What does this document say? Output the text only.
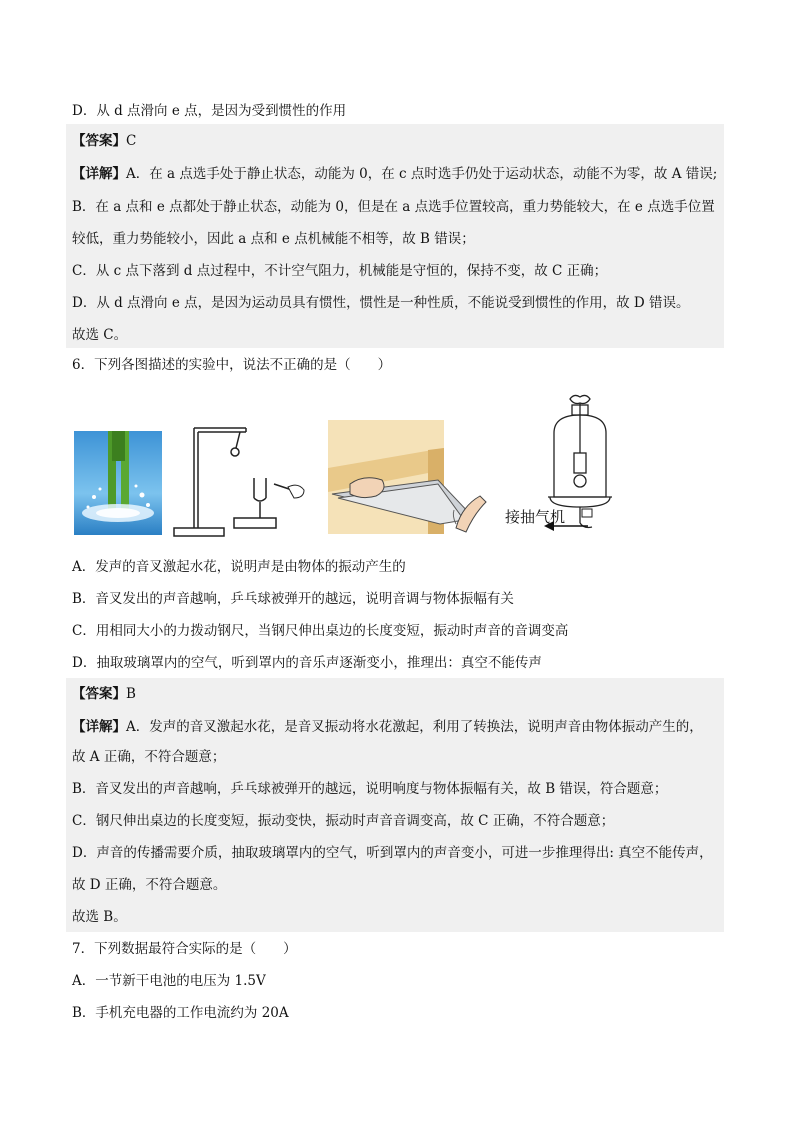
D．从 d 点滑向 e 点，是因为受到惯性的作用
【答案】C
【详解】A．在 a 点选手处于静止状态，动能为 0，在 c 点时选手仍处于运动状态，动能不为零，故 A 错误;
B．在 a 点和 e 点都处于静止状态，动能为 0，但是在 a 点选手位置较高，重力势能较大，在 e 点选手位置
较低，重力势能较小，因此 a 点和 e 点机械能不相等，故 B 错误；
C．从 c 点下落到 d 点过程中，不计空气阻力，机械能是守恒的，保持不变，故 C 正确；
D．从 d 点滑向 e 点，是因为运动员具有惯性，惯性是一种性质，不能说受到惯性的作用，故 D 错误。
故选 C。
6．下列各图描述的实验中，说法不正确的是（　　）
接抽气机
A．发声的音叉激起水花，说明声是由物体的振动产生的
B．音叉发出的声音越响，乒乓球被弹开的越远，说明音调与物体振幅有关
C．用相同大小的力拨动钢尺，当钢尺伸出桌边的长度变短，振动时声音的音调变高
D．抽取玻璃罩内的空气，听到罩内的音乐声逐渐变小，推理出：真空不能传声
【答案】B
【详解】A．发声的音叉激起水花，是音叉振动将水花激起，利用了转换法，说明声音由物体振动产生的，
故 A 正确，不符合题意；
B．音叉发出的声音越响，乒乓球被弹开的越远，说明响度与物体振幅有关，故 B 错误，符合题意；
C．钢尺伸出桌边的长度变短，振动变快，振动时声音音调变高，故 C 正确，不符合题意；
D．声音的传播需要介质，抽取玻璃罩内的空气，听到罩内的声音变小，可进一步推理得出: 真空不能传声，
故 D 正确，不符合题意。
故选 B。
7．下列数据最符合实际的是（　　）
A．一节新干电池的电压为 1.5V
B．手机充电器的工作电流约为 20A
